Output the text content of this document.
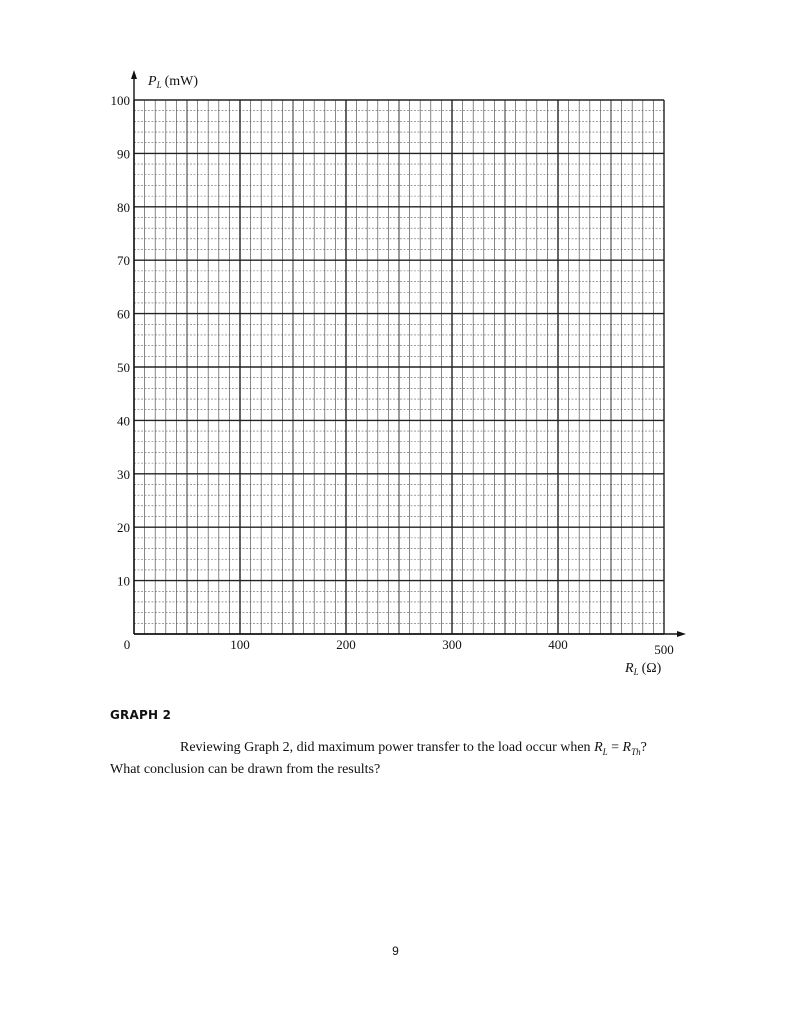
10
20
30
40
50
60
70
80
90
100
0	100	200	300	400	500
$P_L$ (mW)
$R_L$ (Ω)
GRAPH 2
Reviewing Graph 2, did maximum power transfer to the load occur when $R_L = R_{Th}$?
What conclusion can be drawn from the results?
9
